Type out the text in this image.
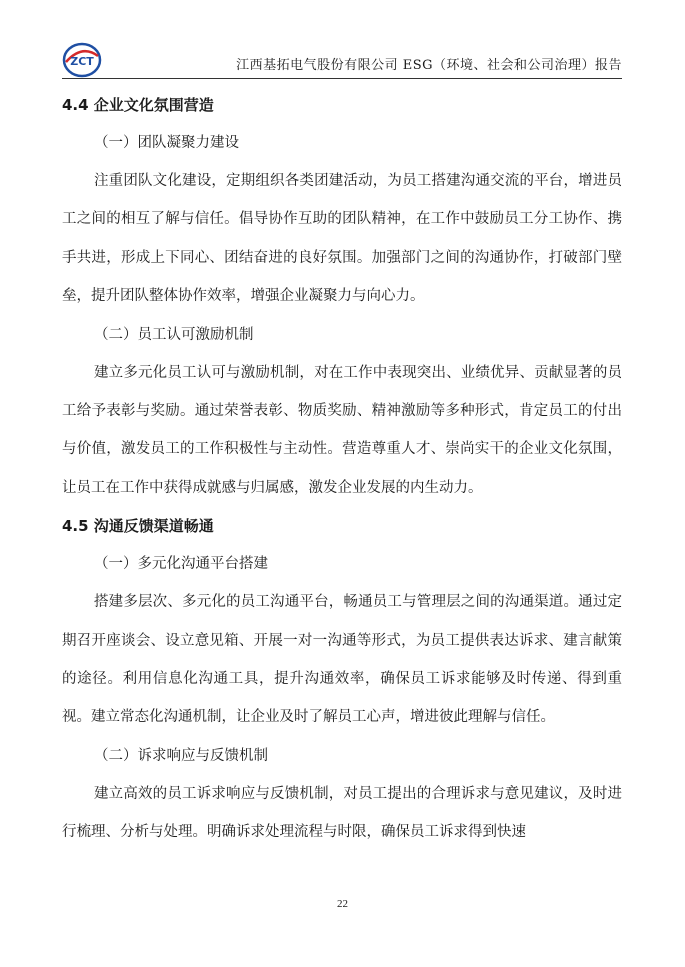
ZCT	江西基拓电气股份有限公司 ESG（环境、社会和公司治理）报告
4.4 企业文化氛围营造
（一）团队凝聚力建设

注重团队文化建设，定期组织各类团建活动，为员工搭建沟通交流的平台，增进员工之间的相互了解与信任。倡导协作互助的团队精神，在工作中鼓励员工分工协作、携手共进，形成上下同心、团结奋进的良好氛围。加强部门之间的沟通协作，打破部门壁垒，提升团队整体协作效率，增强企业凝聚力与向心力。

（二）员工认可激励机制

建立多元化员工认可与激励机制，对在工作中表现突出、业绩优异、贡献显著的员工给予表彰与奖励。通过荣誉表彰、物质奖励、精神激励等多种形式，肯定员工的付出与价值，激发员工的工作积极性与主动性。营造尊重人才、崇尚实干的企业文化氛围，让员工在工作中获得成就感与归属感，激发企业发展的内生动力。

4.5 沟通反馈渠道畅通
（一）多元化沟通平台搭建

搭建多层次、多元化的员工沟通平台，畅通员工与管理层之间的沟通渠道。通过定期召开座谈会、设立意见箱、开展一对一沟通等形式，为员工提供表达诉求、建言献策的途径。利用信息化沟通工具，提升沟通效率，确保员工诉求能够及时传递、得到重视。建立常态化沟通机制，让企业及时了解员工心声，增进彼此理解与信任。

（二）诉求响应与反馈机制

建立高效的员工诉求响应与反馈机制，对员工提出的合理诉求与意见建议，及时进行梳理、分析与处理。明确诉求处理流程与时限，确保员工诉求得到快速

22
